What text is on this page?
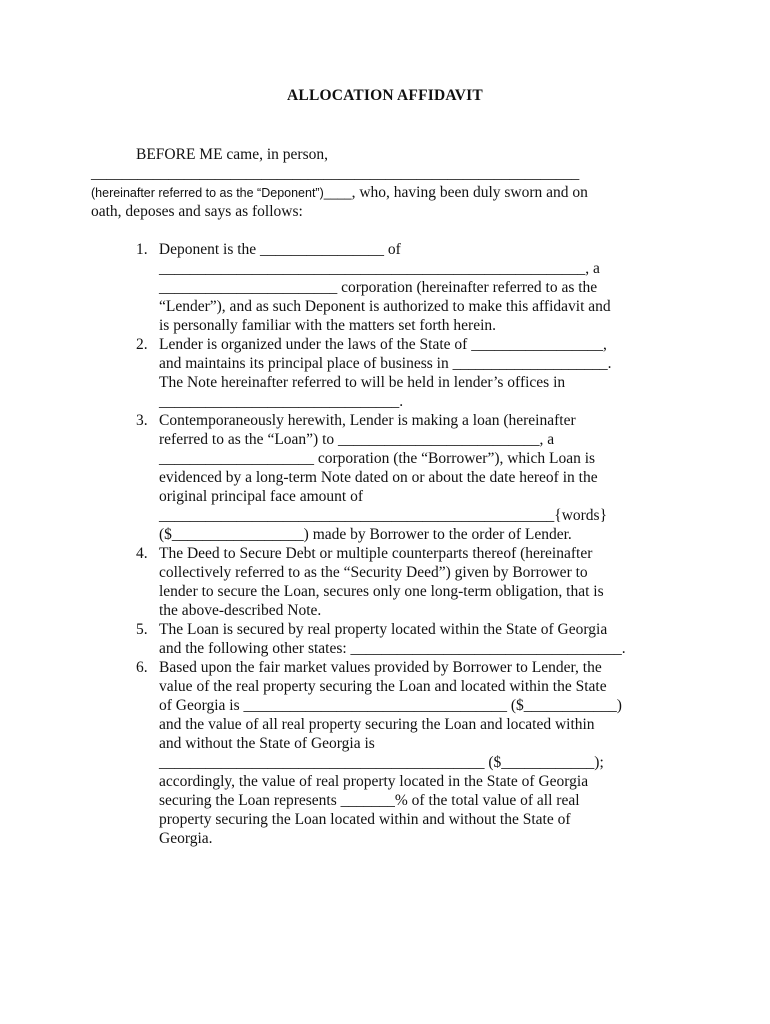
ALLOCATION AFFIDAVIT
BEFORE ME came, in person,
_______________________________________________________________
(hereinafter referred to as the “Deponent”)____, who, having been duly sworn and on
oath, deposes and says as follows:
1. Deponent is the ________________ of
_______________________________________________________, a
_______________________ corporation (hereinafter referred to as the
“Lender”), and as such Deponent is authorized to make this affidavit and
is personally familiar with the matters set forth herein.
2. Lender is organized under the laws of the State of _________________,
and maintains its principal place of business in ____________________.
The Note hereinafter referred to will be held in lender’s offices in
_______________________________.
3. Contemporaneously herewith, Lender is making a loan (hereinafter
referred to as the “Loan”) to __________________________, a
____________________ corporation (the “Borrower”), which Loan is
evidenced by a long-term Note dated on or about the date hereof in the
original principal face amount of
___________________________________________________{words}
($_________________) made by Borrower to the order of Lender.
4. The Deed to Secure Debt or multiple counterparts thereof (hereinafter
collectively referred to as the “Security Deed”) given by Borrower to
lender to secure the Loan, secures only one long-term obligation, that is
the above-described Note.
5. The Loan is secured by real property located within the State of Georgia
and the following other states: ___________________________________.
6. Based upon the fair market values provided by Borrower to Lender, the
value of the real property securing the Loan and located within the State
of Georgia is __________________________________ ($____________)
and the value of all real property securing the Loan and located within
and without the State of Georgia is
__________________________________________ ($____________);
accordingly, the value of real property located in the State of Georgia
securing the Loan represents _______% of the total value of all real
property securing the Loan located within and without the State of
Georgia.
